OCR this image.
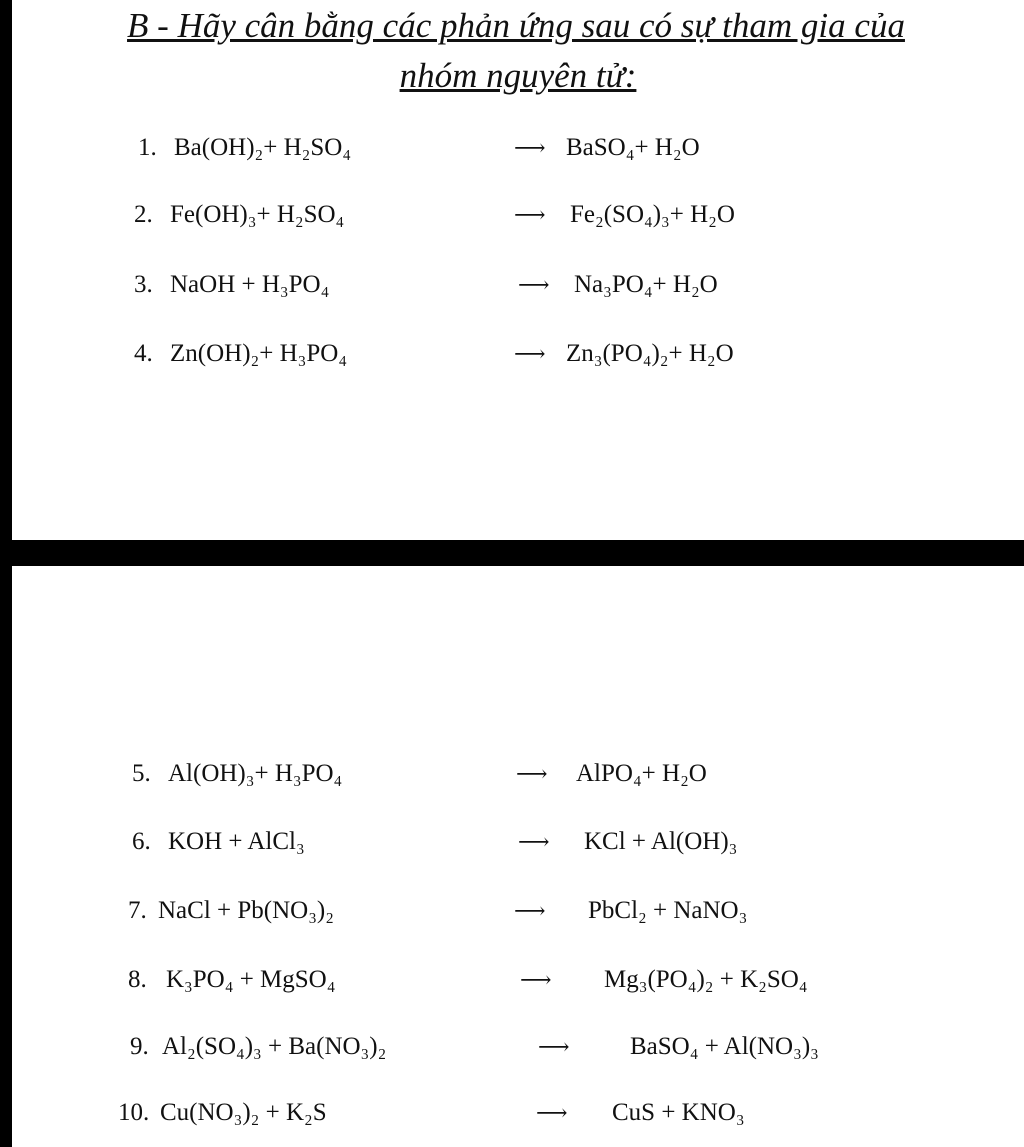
B - Hãy cân bằng các phản ứng sau có sự tham gia của
nhóm nguyên tử:
1. Ba(OH)₂+ H₂SO₄	⟶ BaSO₄+ H₂O
2. Fe(OH)₃+ H₂SO₄	⟶ Fe₂(SO₄)₃+ H₂O
3. NaOH + H₃PO₄	⟶ Na₃PO₄+ H₂O
4. Zn(OH)₂+ H₃PO₄	⟶ Zn₃(PO₄)₂+ H₂O
5. Al(OH)₃+ H₃PO₄	⟶ AlPO₄+ H₂O
6. KOH + AlCl₃	⟶ KCl + Al(OH)₃
7. NaCl + Pb(NO₃)₂	⟶ PbCl₂ + NaNO₃
8. K₃PO₄ + MgSO₄	⟶ Mg₃(PO₄)₂ + K₂SO₄
9. Al₂(SO₄)₃ + Ba(NO₃)₂	⟶ BaSO₄ + Al(NO₃)₃
10. Cu(NO₃)₂ + K₂S	⟶ CuS + KNO₃
